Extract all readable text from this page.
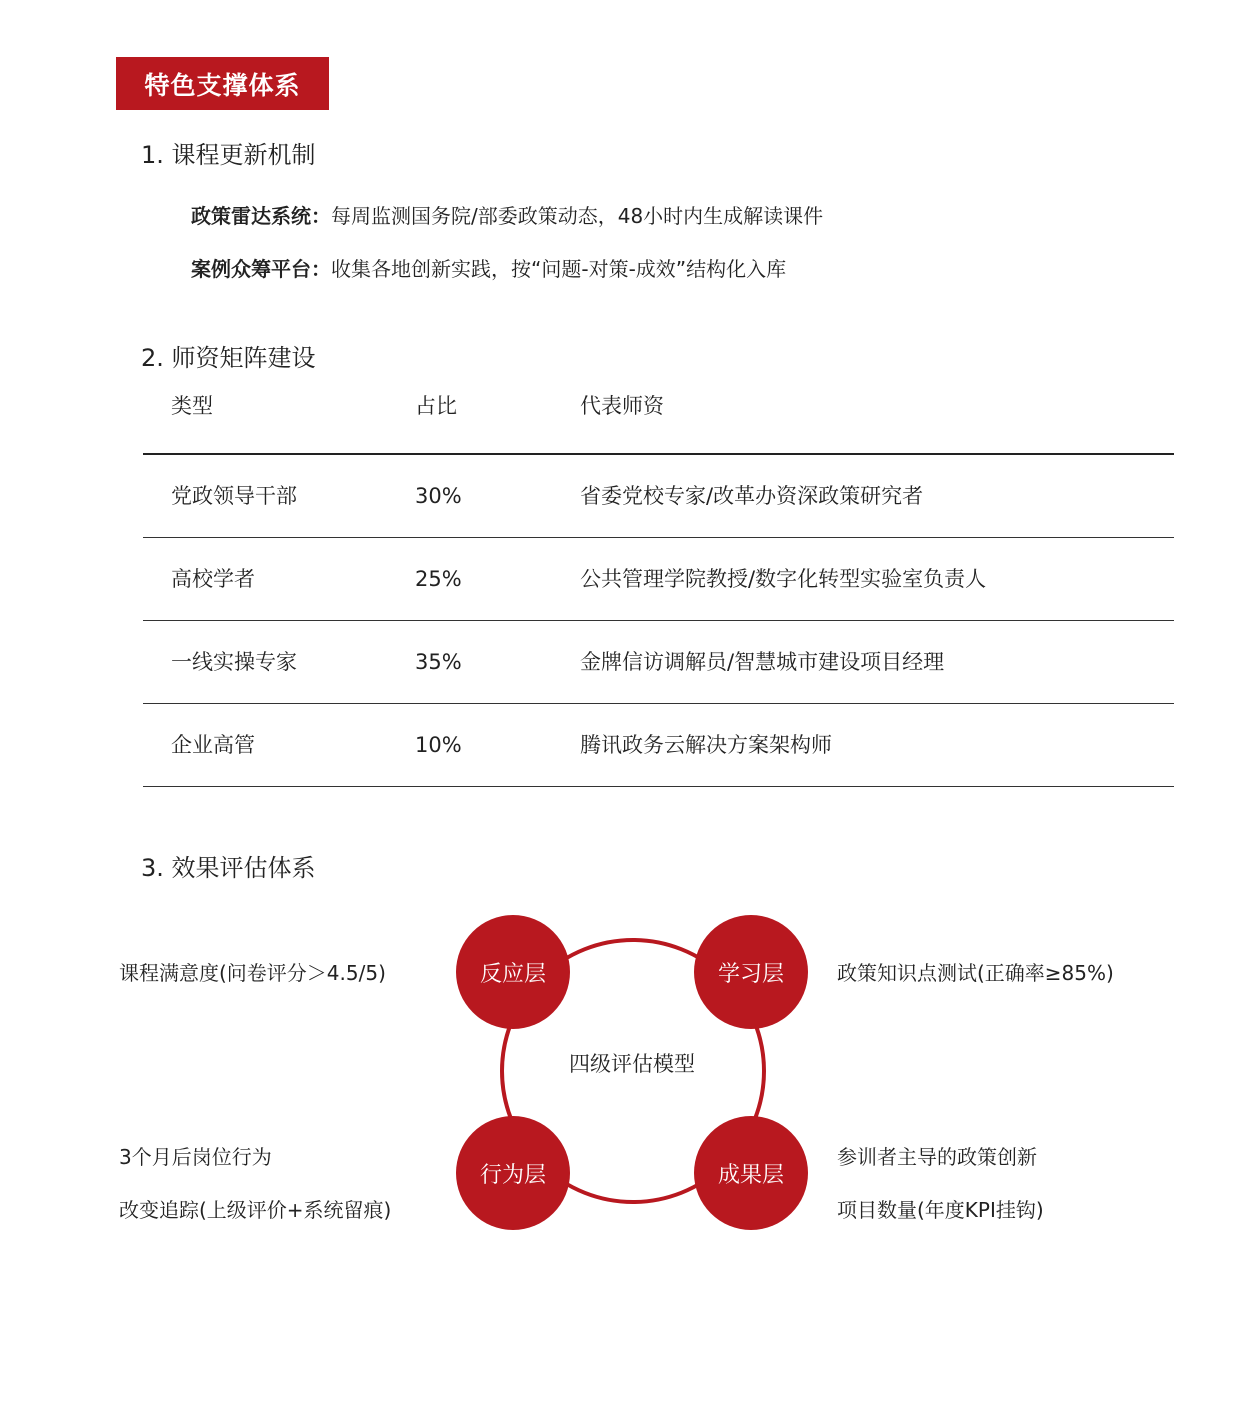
特色支撑体系
1. 课程更新机制
政策雷达系统：每周监测国务院/部委政策动态，48小时内生成解读课件
案例众筹平台：收集各地创新实践，按“问题-对策-成效”结构化入库
2. 师资矩阵建设
类型	占比	代表师资
党政领导干部	30%	省委党校专家/改革办资深政策研究者
高校学者	25%	公共管理学院教授/数字化转型实验室负责人
一线实操专家	35%	金牌信访调解员/智慧城市建设项目经理
企业高管	10%	腾讯政务云解决方案架构师
3. 效果评估体系
反应层	学习层
行为层	成果层
四级评估模型
课程满意度(问卷评分＞4.5/5)	政策知识点测试(正确率≥85%)
3个月后岗位行为
改变追踪(上级评价+系统留痕)
参训者主导的政策创新
项目数量(年度KPI挂钩)
